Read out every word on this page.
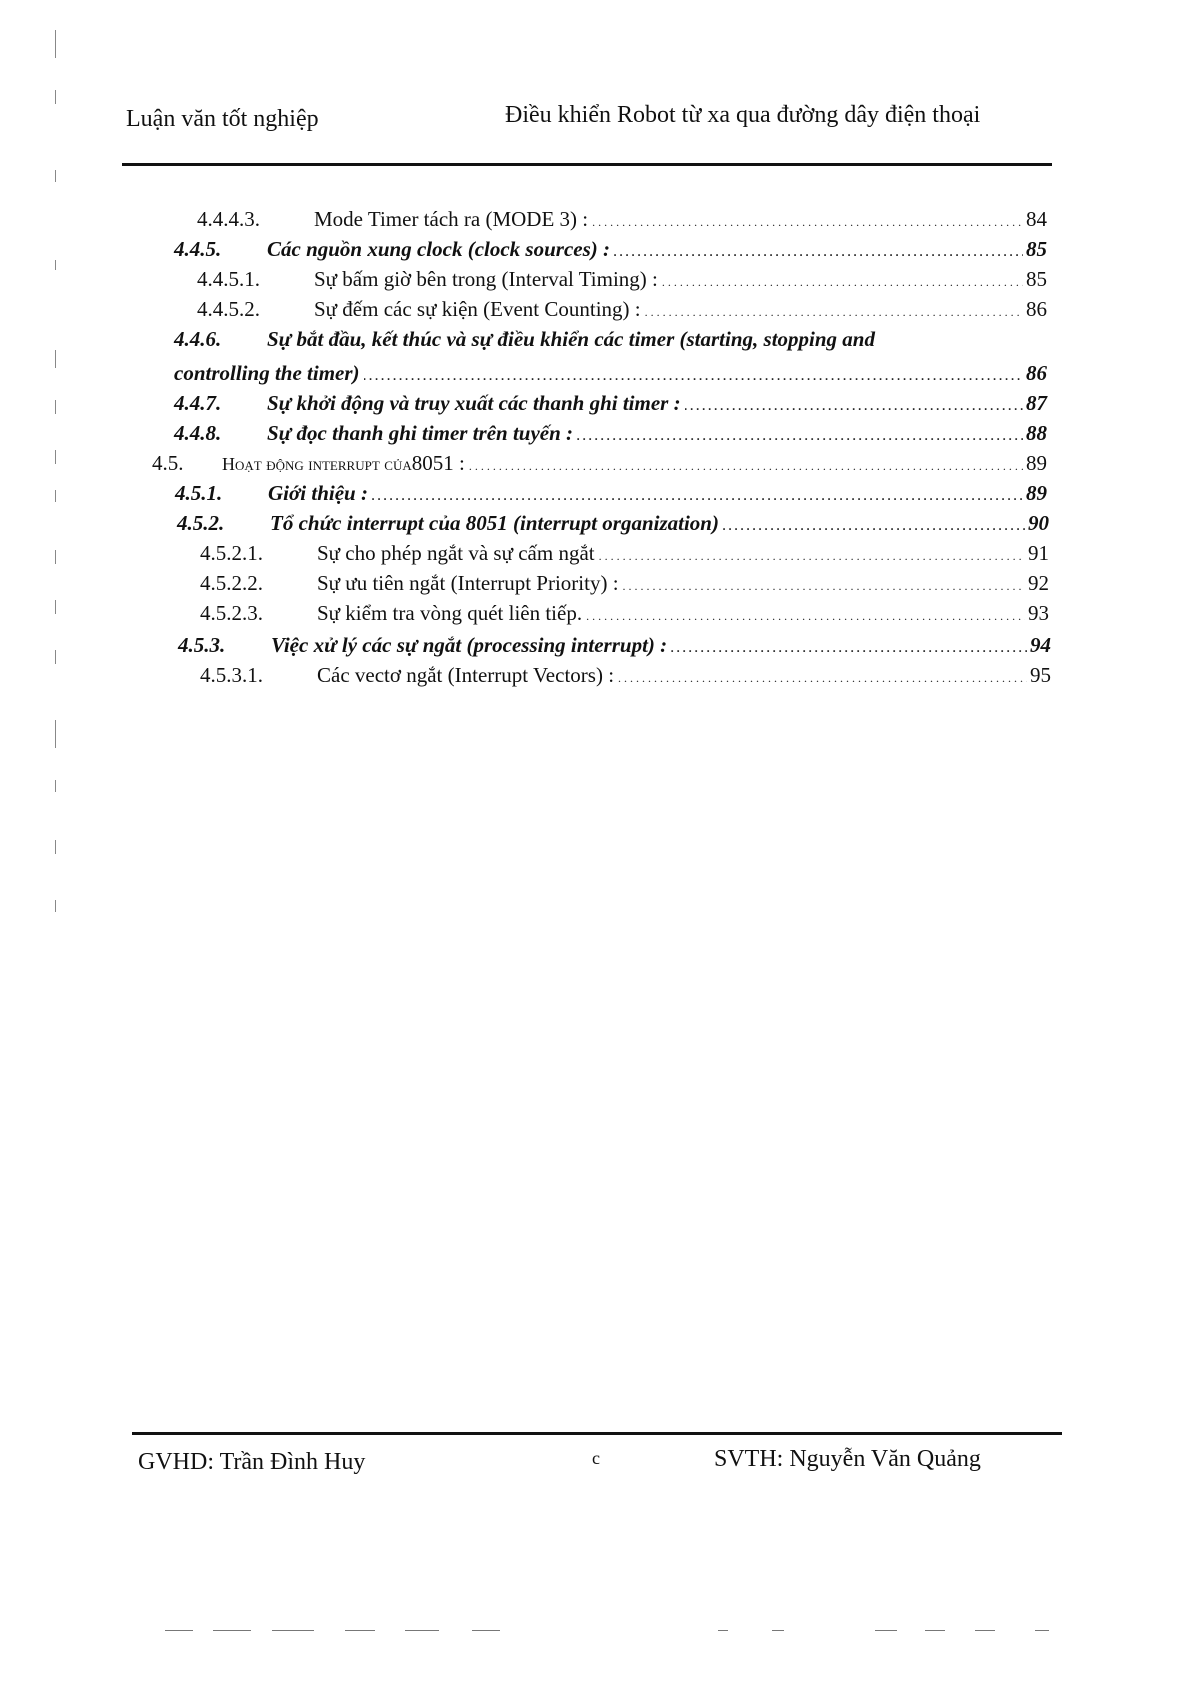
Luận văn tốt nghiệp	Điều khiển Robot từ xa qua đường dây điện thoại
4.4.4.3.	Mode Timer tách ra (MODE 3) : . . .	84
4.4.5.	Các nguồn xung clock (clock sources) : . . .	85
4.4.5.1.	Sự bấm giờ bên trong (Interval Timing) : . . .	85
4.4.5.2.	Sự đếm các sự kiện (Event Counting) : . . .	86
4.4.6.	Sự bắt đầu, kết thúc và sự điều khiển các timer (starting, stopping and
controlling the timer) . . .	86
4.4.7.	Sự khởi động và truy xuất các thanh ghi timer : . . .	87
4.4.8.	Sự đọc thanh ghi timer trên tuyến : . . .	88
4.5.	Hoạt động interrupt của 8051 : . . .	89
4.5.1.	Giới thiệu : . . .	89
4.5.2.	Tổ chức interrupt của 8051 (interrupt organization) . . .	90
4.5.2.1.	Sự cho phép ngắt và sự cấm ngắt . . .	91
4.5.2.2.	Sự ưu tiên ngắt (Interrupt Priority) : . . .	92
4.5.2.3.	Sự kiểm tra vòng quét liên tiếp. . . .	93
4.5.3.	Việc xử lý các sự ngắt (processing interrupt) : . . .	94
4.5.3.1.	Các vectơ ngắt (Interrupt Vectors) : . . .	95
GVHD: Trần Đình Huy	c	SVTH: Nguyễn Văn Quảng
